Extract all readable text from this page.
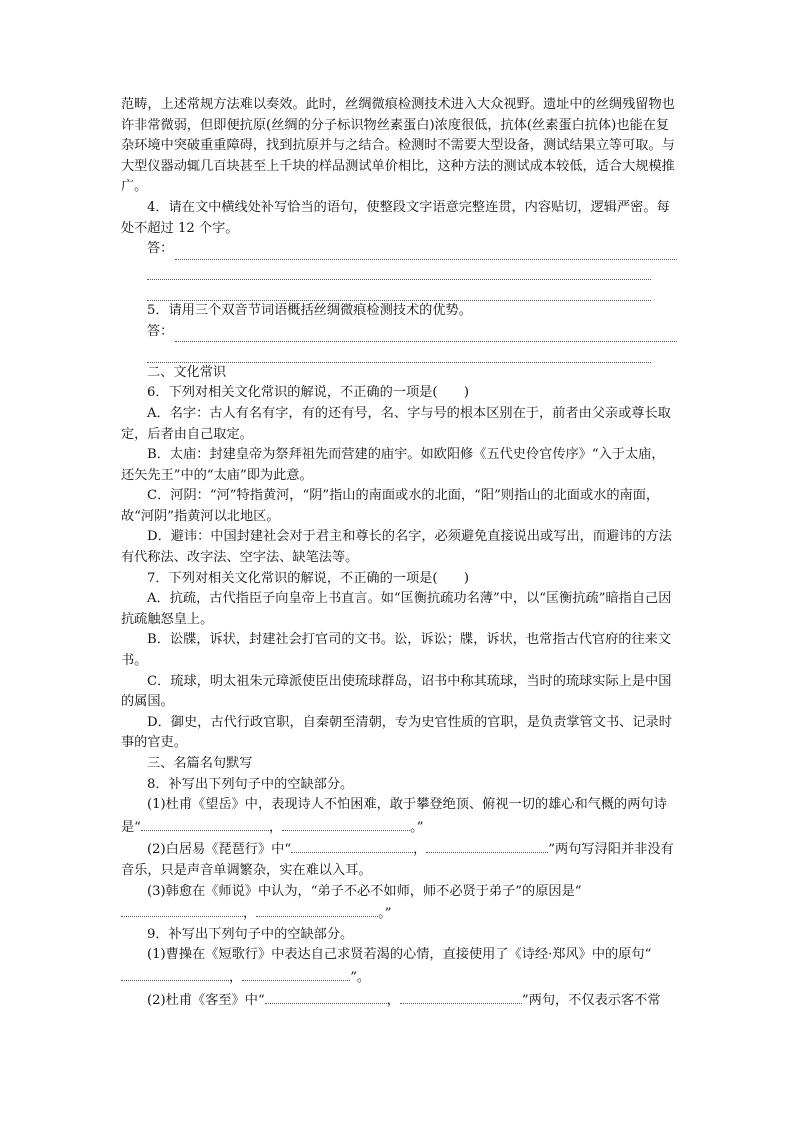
范畴，上述常规方法难以奏效。此时，丝绸微痕检测技术进入大众视野。遗址中的丝绸残留物也许非常微弱，但即便抗原(丝绸的分子标识物丝素蛋白)浓度很低，抗体(丝素蛋白抗体)也能在复杂环境中突破重重障碍，找到抗原并与之结合。检测时不需要大型设备，测试结果立等可取。与大型仪器动辄几百块甚至上千块的样品测试单价相比，这种方法的测试成本较低，适合大规模推广。

4．请在文中横线处补写恰当的语句，使整段文字语意完整连贯，内容贴切，逻辑严密。每处不超过 12 个字。

答：

5．请用三个双音节词语概括丝绸微痕检测技术的优势。

答：

二、文化常识

6．下列对相关文化常识的解说，不正确的一项是(　　)

A．名字：古人有名有字，有的还有号，名、字与号的根本区别在于，前者由父亲或尊长取定，后者由自己取定。

B．太庙：封建皇帝为祭拜祖先而营建的庙宇。如欧阳修《五代史伶官传序》“入于太庙，还矢先王”中的“太庙”即为此意。

C．河阴：“河”特指黄河，“阴”指山的南面或水的北面，“阳”则指山的北面或水的南面，故“河阴”指黄河以北地区。

D．避讳：中国封建社会对于君主和尊长的名字，必须避免直接说出或写出，而避讳的方法有代称法、改字法、空字法、缺笔法等。

7．下列对相关文化常识的解说，不正确的一项是(　　)

A．抗疏，古代指臣子向皇帝上书直言。如“匡衡抗疏功名薄”中，以“匡衡抗疏”暗指自己因抗疏触怒皇上。

B．讼牒，诉状，封建社会打官司的文书。讼，诉讼；牒，诉状，也常指古代官府的往来文书。

C．琉球，明太祖朱元璋派使臣出使琉球群岛，诏书中称其琉球，当时的琉球实际上是中国的属国。

D．御史，古代行政官职，自秦朝至清朝，专为史官性质的官职，是负责掌管文书、记录时事的官吏。

三、名篇名句默写

8．补写出下列句子中的空缺部分。

(1)杜甫《望岳》中，表现诗人不怕困难，敢于攀登绝顶、俯视一切的雄心和气概的两句诗是“	，	。”

(2)白居易《琵琶行》中“	，	”两句写浔阳并非没有音乐，只是声音单调繁杂，实在难以入耳。

(3)韩愈在《师说》中认为，“弟子不必不如师，师不必贤于弟子”的原因是“，	。”

9．补写出下列句子中的空缺部分。

(1)曹操在《短歌行》中表达自己求贤若渴的心情，直接使用了《诗经·郑风》中的原句“，	”。

(2)杜甫《客至》中“	，	”两句，不仅表示客不常
